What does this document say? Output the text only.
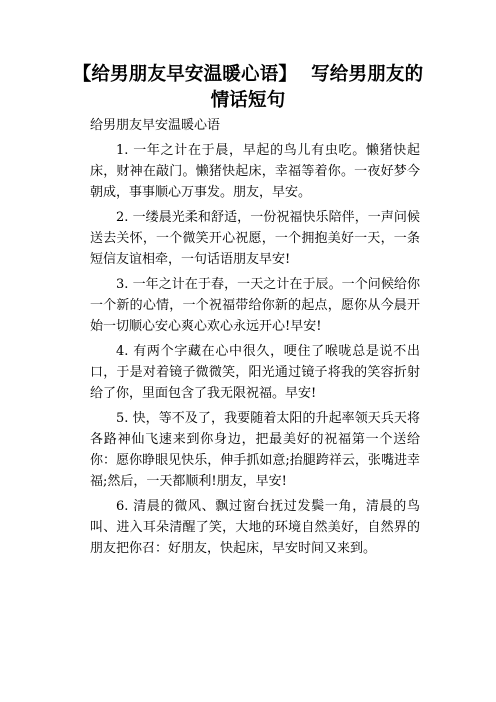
【给男朋友早安温暖心语】 写给男朋友的
情话短句
给男朋友早安温暖心语

1. 一年之计在于晨，早起的鸟儿有虫吃。懒猪快起床，财神在敲门。懒猪快起床，幸福等着你。一夜好梦今朝成，事事顺心万事发。朋友，早安。

2. 一缕晨光柔和舒适，一份祝福快乐陪伴，一声问候送去关怀，一个微笑开心祝愿，一个拥抱美好一天，一条短信友谊相牵，一句话语朋友早安!

3. 一年之计在于春，一天之计在于辰。一个问候给你一个新的心情，一个祝福带给你新的起点，愿你从今晨开始一切顺心安心爽心欢心永远开心!早安!

4. 有两个字藏在心中很久，哽住了喉咙总是说不出口，于是对着镜子微微笑，阳光通过镜子将我的笑容折射给了你，里面包含了我无限祝福。早安!

5. 快，等不及了，我要随着太阳的升起率领天兵天将各路神仙飞速来到你身边，把最美好的祝福第一个送给你：愿你睁眼见快乐，伸手抓如意;抬腿跨祥云，张嘴进幸福;然后，一天都顺利!朋友，早安!

6. 清晨的微风、飘过窗台抚过发鬓一角，清晨的鸟叫、进入耳朵清醒了笑，大地的环境自然美好，自然界的朋友把你召：好朋友，快起床，早安时间又来到。
